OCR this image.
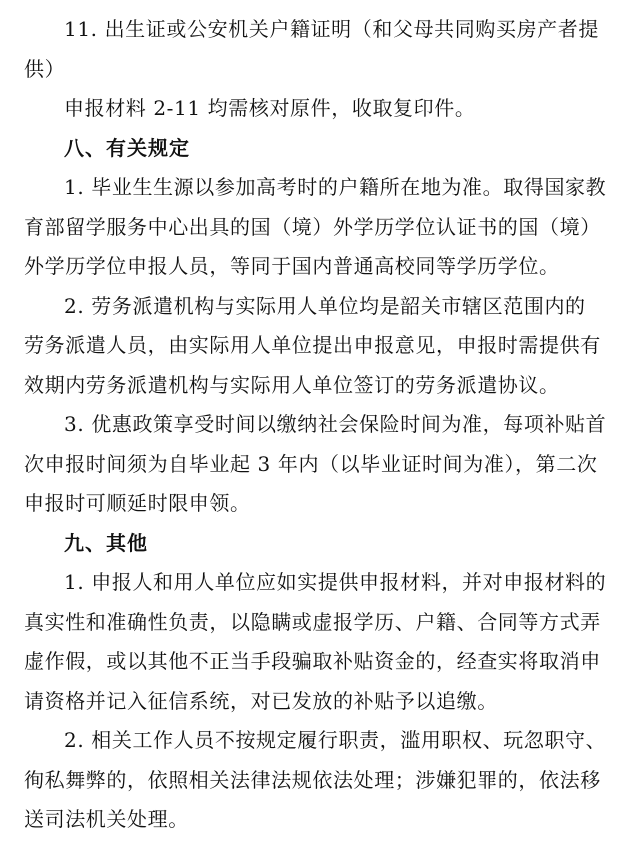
11. 出生证或公安机关户籍证明（和父母共同购买房产者提
供）

申报材料 2-11 均需核对原件，收取复印件。

八、有关规定

1. 毕业生生源以参加高考时的户籍所在地为准。取得国家教
育部留学服务中心出具的国（境）外学历学位认证书的国（境）
外学历学位申报人员，等同于国内普通高校同等学历学位。

2. 劳务派遣机构与实际用人单位均是韶关市辖区范围内的
劳务派遣人员，由实际用人单位提出申报意见，申报时需提供有
效期内劳务派遣机构与实际用人单位签订的劳务派遣协议。

3. 优惠政策享受时间以缴纳社会保险时间为准，每项补贴首
次申报时间须为自毕业起 3 年内（以毕业证时间为准），第二次
申报时可顺延时限申领。

九、其他

1. 申报人和用人单位应如实提供申报材料，并对申报材料的
真实性和准确性负责，以隐瞒或虚报学历、户籍、合同等方式弄
虚作假，或以其他不正当手段骗取补贴资金的，经查实将取消申
请资格并记入征信系统，对已发放的补贴予以追缴。

2. 相关工作人员不按规定履行职责，滥用职权、玩忽职守、
徇私舞弊的，依照相关法律法规依法处理；涉嫌犯罪的，依法移
送司法机关处理。
